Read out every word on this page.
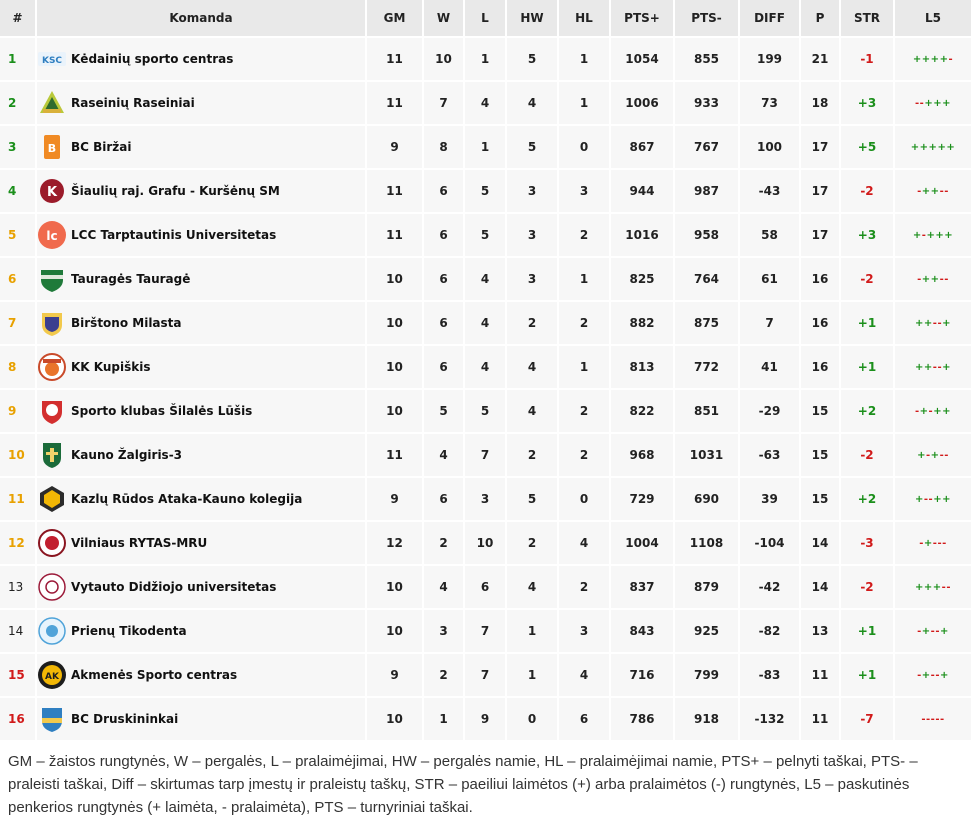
#	Komanda	GM	W	L	HW	HL	PTS+	PTS-	DIFF	P	STR	L5
1	KSC Kėdainių sporto centras	11	10	1	5	1	1054	855	199	21	-1	++++-
2	Raseinių Raseiniai	11	7	4	4	1	1006	933	73	18	+3	--+++
3	B BC Biržai	9	8	1	5	0	867	767	100	17	+5	+++++
4	K Šiaulių raj. Grafu - Kuršėnų SM	11	6	5	3	3	944	987	-43	17	-2	-++--
5	lc LCC Tarptautinis Universitetas	11	6	5	3	2	1016	958	58	17	+3	+-+++
6	Tauragės Tauragė	10	6	4	3	1	825	764	61	16	-2	-++--
7	Birštono Milasta	10	6	4	2	2	882	875	7	16	+1	++--+
8	KK Kupiškis	10	6	4	4	1	813	772	41	16	+1	++--+
9	Sporto klubas Šilalės Lūšis	10	5	5	4	2	822	851	-29	15	+2	-+-++
10	Kauno Žalgiris-3	11	4	7	2	2	968	1031	-63	15	-2	+-+--
11	Kazlų Rūdos Ataka-Kauno kolegija	9	6	3	5	0	729	690	39	15	+2	+--++
12	Vilniaus RYTAS-MRU	12	2	10	2	4	1004	1108	-104	14	-3	-+---
13	Vytauto Didžiojo universitetas	10	4	6	4	2	837	879	-42	14	-2	+++--
14	Prienų Tikodenta	10	3	7	1	3	843	925	-82	13	+1	-+--+
15	AK Akmenės Sporto centras	9	2	7	1	4	716	799	-83	11	+1	-+--+
16	BC Druskininkai	10	1	9	0	6	786	918	-132	11	-7	-----
GM – žaistos rungtynės, W – pergalės, L – pralaimėjimai, HW – pergalės namie, HL – pralaimėjimai namie, PTS+ – pelnyti taškai, PTS- – praleisti taškai, Diff – skirtumas tarp įmestų ir praleistų taškų, STR – paeiliui laimėtos (+) arba pralaimėtos (-) rungtynės, L5 – paskutinės penkerios rungtynės (+ laimėta, - pralaimėta), PTS – turnyriniai taškai.
